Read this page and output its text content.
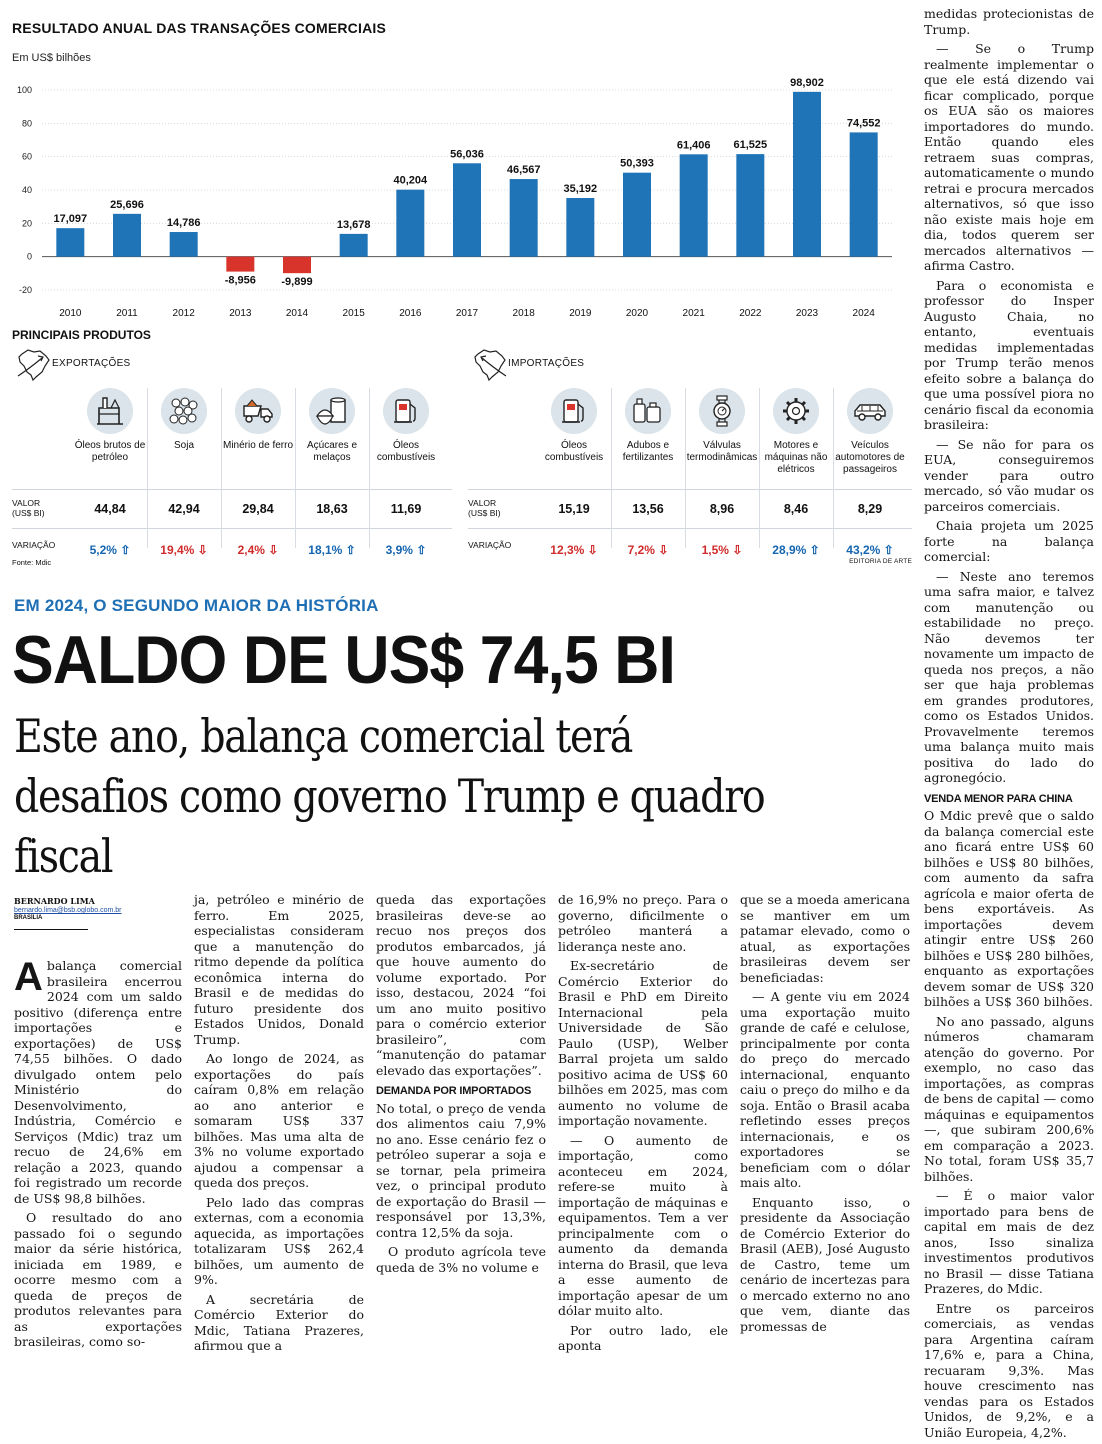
RESULTADO ANUAL DAS TRANSAÇÕES COMERCIAIS
Em US$ bilhões
-20
0
20
40
60
80
100
17,097
2010
25,696
2011
14,786
2012
-8,956
2013
-9,899
2014
13,678
2015
40,204
2016
56,036
2017
46,567
2018
35,192
2019
50,393
2020
61,406
2021
61,525
2022
98,902
2023
74,552
2024
PRINCIPAIS PRODUTOS
EXPORTAÇÕES
VALOR (US$ BI)
VARIAÇÃO
Óleos brutos de petróleo
44,84
5,2% ⇧
Soja
42,94
19,4% ⇩
Minério de ferro
29,84
2,4% ⇩
Açúcares e melaços
18,63
18,1% ⇧
Óleos combustíveis
11,69
3,9% ⇧
IMPORTAÇÕES
VALOR (US$ BI)
VARIAÇÃO
Óleos combustíveis
15,19
12,3% ⇩
Adubos e fertilizantes
13,56
7,2% ⇩
Válvulas termodinâmicas
8,96
1,5% ⇩
Motores e máquinas não elétricos
8,46
28,9% ⇧
Veículos automotores de passageiros
8,29
43,2% ⇧
Fonte: Mdic	EDITORIA DE ARTE
EM 2024, O SEGUNDO MAIOR DA HISTÓRIA
SALDO DE US$ 74,5 BI
Este ano, balança comercial terá desafios como governo Trump e quadro fiscal
BERNARDO LIMA
bernardo.lima@bsb.oglobo.com.br
BRASÍLIA

Abalança comercial brasileira encerrou 2024 com um saldo positivo (diferença entre importações e exportações) de US$ 74,55 bilhões. O dado divulgado ontem pelo Ministério do Desenvolvimento, Indústria, Comércio e Serviços (Mdic) traz um recuo de 24,6% em relação a 2023, quando foi registrado um recorde de US$ 98,8 bilhões.

O resultado do ano passado foi o segundo maior da série histórica, iniciada em 1989, e ocorre mesmo com a queda de preços de produtos relevantes para as exportações brasileiras, como so-

ja, petróleo e minério de ferro. Em 2025, especialistas consideram que a manutenção do ritmo depende da política econômica interna do Brasil e de medidas do futuro presidente dos Estados Unidos, Donald Trump.

Ao longo de 2024, as exportações do país caíram 0,8% em relação ao ano anterior e somaram US$ 337 bilhões. Mas uma alta de 3% no volume exportado ajudou a compensar a queda dos preços.

Pelo lado das compras externas, com a economia aquecida, as importações totalizaram US$ 262,4 bilhões, um aumento de 9%.

A secretária de Comércio Exterior do Mdic, Tatiana Prazeres, afirmou que a

queda das exportações brasileiras deve-se ao recuo nos preços dos produtos embarcados, já que houve aumento do volume exportado. Por isso, destacou, 2024 “foi um ano muito positivo para o comércio exterior brasileiro”, com “manutenção do patamar elevado das exportações”.

DEMANDA POR IMPORTADOS

No total, o preço de venda dos alimentos caiu 7,9% no ano. Esse cenário fez o petróleo superar a soja e se tornar, pela primeira vez, o principal produto de exportação do Brasil — responsável por 13,3%, contra 12,5% da soja.

O produto agrícola teve queda de 3% no volume e

de 16,9% no preço. Para o governo, dificilmente o petróleo manterá a liderança neste ano.

Ex-secretário de Comércio Exterior do Brasil e PhD em Direito Internacional pela Universidade de São Paulo (USP), Welber Barral projeta um saldo positivo acima de US$ 60 bilhões em 2025, mas com aumento no volume de importação novamente.

— O aumento de importação, como aconteceu em 2024, refere-se muito à importação de máquinas e equipamentos. Tem a ver principalmente com o aumento da demanda interna do Brasil, que leva a esse aumento de importação apesar de um dólar muito alto.

Por outro lado, ele aponta

que se a moeda americana se mantiver em um patamar elevado, como o atual, as exportações brasileiras devem ser beneficiadas:

— A gente viu em 2024 uma exportação muito grande de café e celulose, principalmente por conta do preço do mercado internacional, enquanto caiu o preço do milho e da soja. Então o Brasil acaba refletindo esses preços internacionais, e os exportadores se beneficiam com o dólar mais alto.

Enquanto isso, o presidente da Associação de Comércio Exterior do Brasil (AEB), José Augusto de Castro, teme um cenário de incertezas para o mercado externo no ano que vem, diante das promessas de

medidas protecionistas de Trump.

— Se o Trump realmente implementar o que ele está dizendo vai ficar complicado, porque os EUA são os maiores importadores do mundo. Então quando eles retraem suas compras, automaticamente o mundo retrai e procura mercados alternativos, só que isso não existe mais hoje em dia, todos querem ser mercados alternativos — afirma Castro.

Para o economista e professor do Insper Augusto Chaia, no entanto, eventuais medidas implementadas por Trump terão menos efeito sobre a balança do que uma possível piora no cenário fiscal da economia brasileira:

— Se não for para os EUA, conseguiremos vender para outro mercado, só vão mudar os parceiros comerciais.

Chaia projeta um 2025 forte na balança comercial:

— Neste ano teremos uma safra maior, e talvez com manutenção ou estabilidade no preço. Não devemos ter novamente um impacto de queda nos preços, a não ser que haja problemas em grandes produtores, como os Estados Unidos. Provavelmente teremos uma balança muito mais positiva do lado do agronegócio.

VENDA MENOR PARA CHINA

O Mdic prevê que o saldo da balança comercial este ano ficará entre US$ 60 bilhões e US$ 80 bilhões, com aumento da safra agrícola e maior oferta de bens exportáveis. As importações devem atingir entre US$ 260 bilhões e US$ 280 bilhões, enquanto as exportações devem somar de US$ 320 bilhões a US$ 360 bilhões.

No ano passado, alguns números chamaram atenção do governo. Por exemplo, no caso das importações, as compras de bens de capital — como máquinas e equipamentos —, que subiram 200,6% em comparação a 2023. No total, foram US$ 35,7 bilhões.

— É o maior valor importado para bens de capital em mais de dez anos, Isso sinaliza investimentos produtivos no Brasil — disse Tatiana Prazeres, do Mdic.

Entre os parceiros comerciais, as vendas para Argentina caíram 17,6% e, para a China, recuaram 9,3%. Mas houve crescimento nas vendas para os Estados Unidos, de 9,2%, e a União Europeia, 4,2%.
